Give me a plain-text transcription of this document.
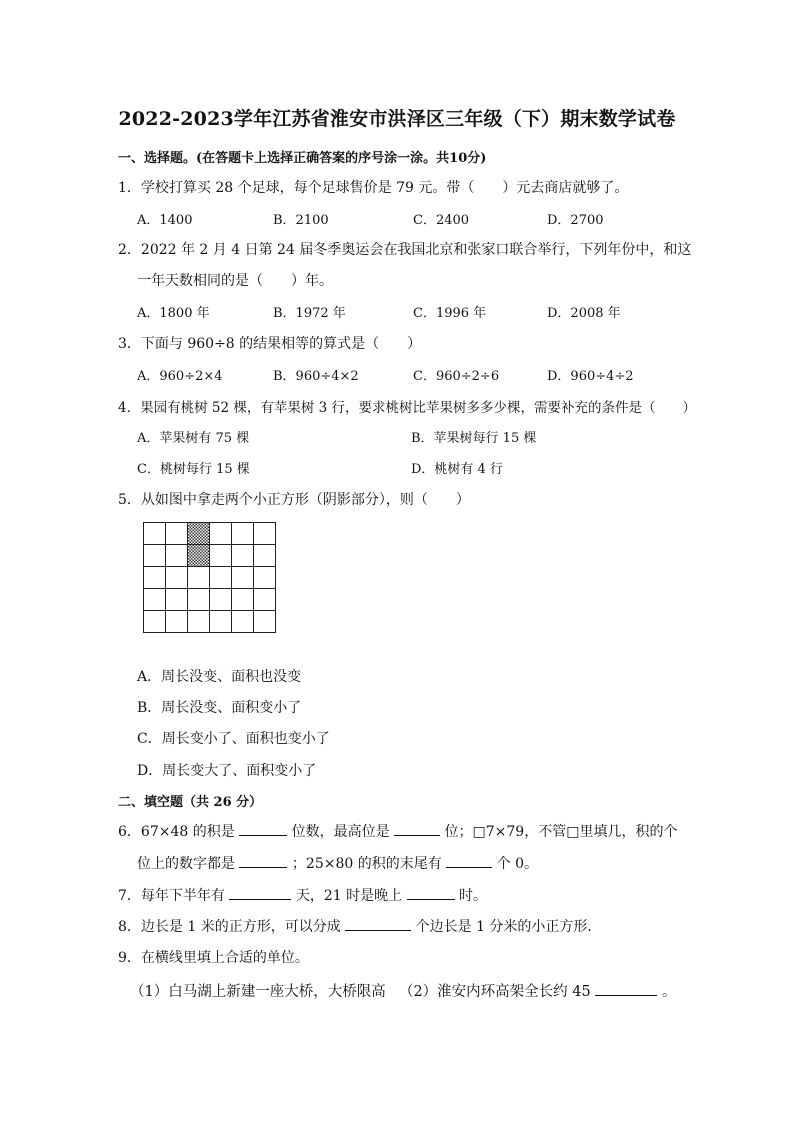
2022-2023学年江苏省淮安市洪泽区三年级（下）期末数学试卷
一、选择题。(在答题卡上选择正确答案的序号涂一涂。共10分)
1．学校打算买 28 个足球，每个足球售价是 79 元。带（　　）元去商店就够了。
A．1400	B．2100	C．2400	D．2700
2．2022 年 2 月 4 日第 24 届冬季奥运会在我国北京和张家口联合举行，下列年份中，和这
一年天数相同的是（　　）年。
A．1800 年	B．1972 年	C．1996 年	D．2008 年
3．下面与 960÷8 的结果相等的算式是（　　）
A．960÷2×4	B．960÷4×2	C．960÷2÷6	D．960÷4÷2
4．果园有桃树 52 棵，有苹果树 3 行，要求桃树比苹果树多多少棵，需要补充的条件是（　　）
A．苹果树有 75 棵	B．苹果树每行 15 棵
C．桃树每行 15 棵	D．桃树有 4 行
5．从如图中拿走两个小正方形（阴影部分），则（　　）
A．周长没变、面积也没变
B．周长没变、面积变小了
C．周长变小了、面积也变小了
D．周长变大了、面积变小了
二、填空题（共 26 分）
6．67×48 的积是	位数，最高位是	位；□7×79，不管□里填几，积的个
位上的数字都是	；25×80 的积的末尾有	个 0。
7．每年下半年有	天，21 时是晚上	时。
8．边长是 1 米的正方形，可以分成	个边长是 1 分米的小正方形．
9．在横线里填上合适的单位。
（1）白马湖上新建一座大桥，大桥限高 （2）淮安内环高架全长约 45	。
